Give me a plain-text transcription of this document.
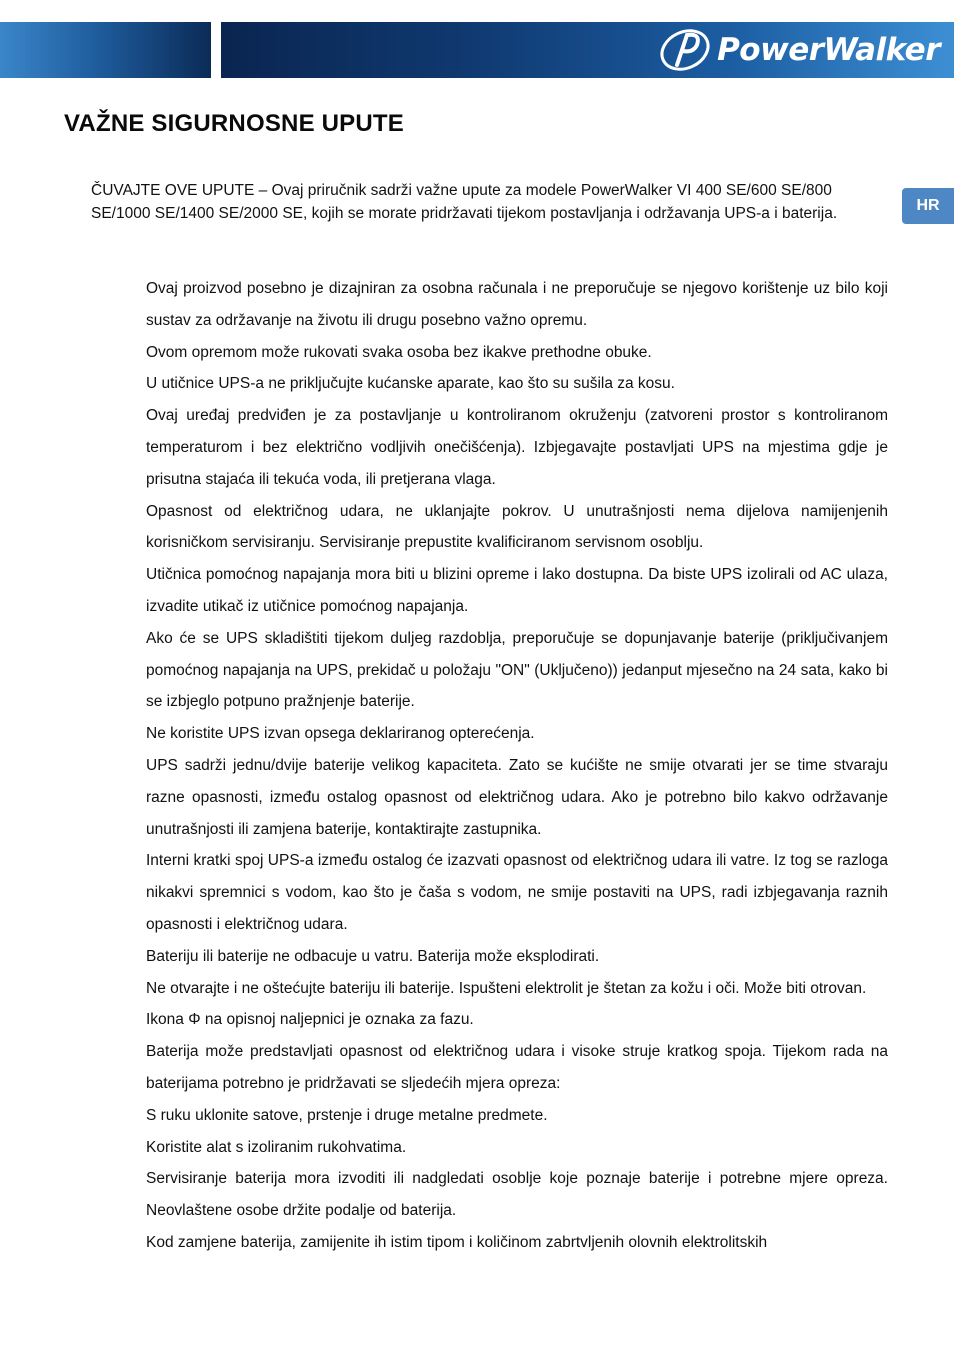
PowerWalker
VAŽNE SIGURNOSNE UPUTE
HR

ČUVAJTE OVE UPUTE – Ovaj priručnik sadrži važne upute za modele PowerWalker VI 400 SE/600 SE/800 SE/1000 SE/1400 SE/2000 SE, kojih se morate pridržavati tijekom postavljanja i održavanja UPS-a i baterija.

Ovaj proizvod posebno je dizajniran za osobna računala i ne preporučuje se njegovo korištenje uz bilo koji sustav za održavanje na životu ili drugu posebno važno opremu.

Ovom opremom može rukovati svaka osoba bez ikakve prethodne obuke.

U utičnice UPS-a ne priključujte kućanske aparate, kao što su sušila za kosu.

Ovaj uređaj predviđen je za postavljanje u kontroliranom okruženju (zatvoreni prostor s kontroliranom temperaturom i bez električno vodljivih onečišćenja). Izbjegavajte postavljati UPS na mjestima gdje je prisutna stajaća ili tekuća voda, ili pretjerana vlaga.

Opasnost od električnog udara, ne uklanjajte pokrov. U unutrašnjosti nema dijelova namijenjenih korisničkom servisiranju. Servisiranje prepustite kvalificiranom servisnom osoblju.

Utičnica pomoćnog napajanja mora biti u blizini opreme i lako dostupna. Da biste UPS izolirali od AC ulaza, izvadite utikač iz utičnice pomoćnog napajanja.

Ako će se UPS skladištiti tijekom duljeg razdoblja, preporučuje se dopunjavanje baterije (priključivanjem pomoćnog napajanja na UPS, prekidač u položaju "ON" (Uključeno)) jedanput mjesečno na 24 sata, kako bi se izbjeglo potpuno pražnjenje baterije.

Ne koristite UPS izvan opsega deklariranog opterećenja.

UPS sadrži jednu/dvije baterije velikog kapaciteta. Zato se kućište ne smije otvarati jer se time stvaraju razne opasnosti, između ostalog opasnost od električnog udara. Ako je potrebno bilo kakvo održavanje unutrašnjosti ili zamjena baterije, kontaktirajte zastupnika.

Interni kratki spoj UPS-a između ostalog će izazvati opasnost od električnog udara ili vatre. Iz tog se razloga nikakvi spremnici s vodom, kao što je čaša s vodom, ne smije postaviti na UPS, radi izbjegavanja raznih opasnosti i električnog udara.

Bateriju ili baterije ne odbacuje u vatru. Baterija može eksplodirati.

Ne otvarajte i ne oštećujte bateriju ili baterije. Ispušteni elektrolit je štetan za kožu i oči. Može biti otrovan.

Ikona Φ na opisnoj naljepnici je oznaka za fazu.

Baterija može predstavljati opasnost od električnog udara i visoke struje kratkog spoja. Tijekom rada na baterijama potrebno je pridržavati se sljedećih mjera opreza:

S ruku uklonite satove, prstenje i druge metalne predmete.

Koristite alat s izoliranim rukohvatima.

Servisiranje baterija mora izvoditi ili nadgledati osoblje koje poznaje baterije i potrebne mjere opreza. Neovlaštene osobe držite podalje od baterija.

Kod zamjene baterija, zamijenite ih istim tipom i količinom zabrtvljenih olovnih elektrolitskih
